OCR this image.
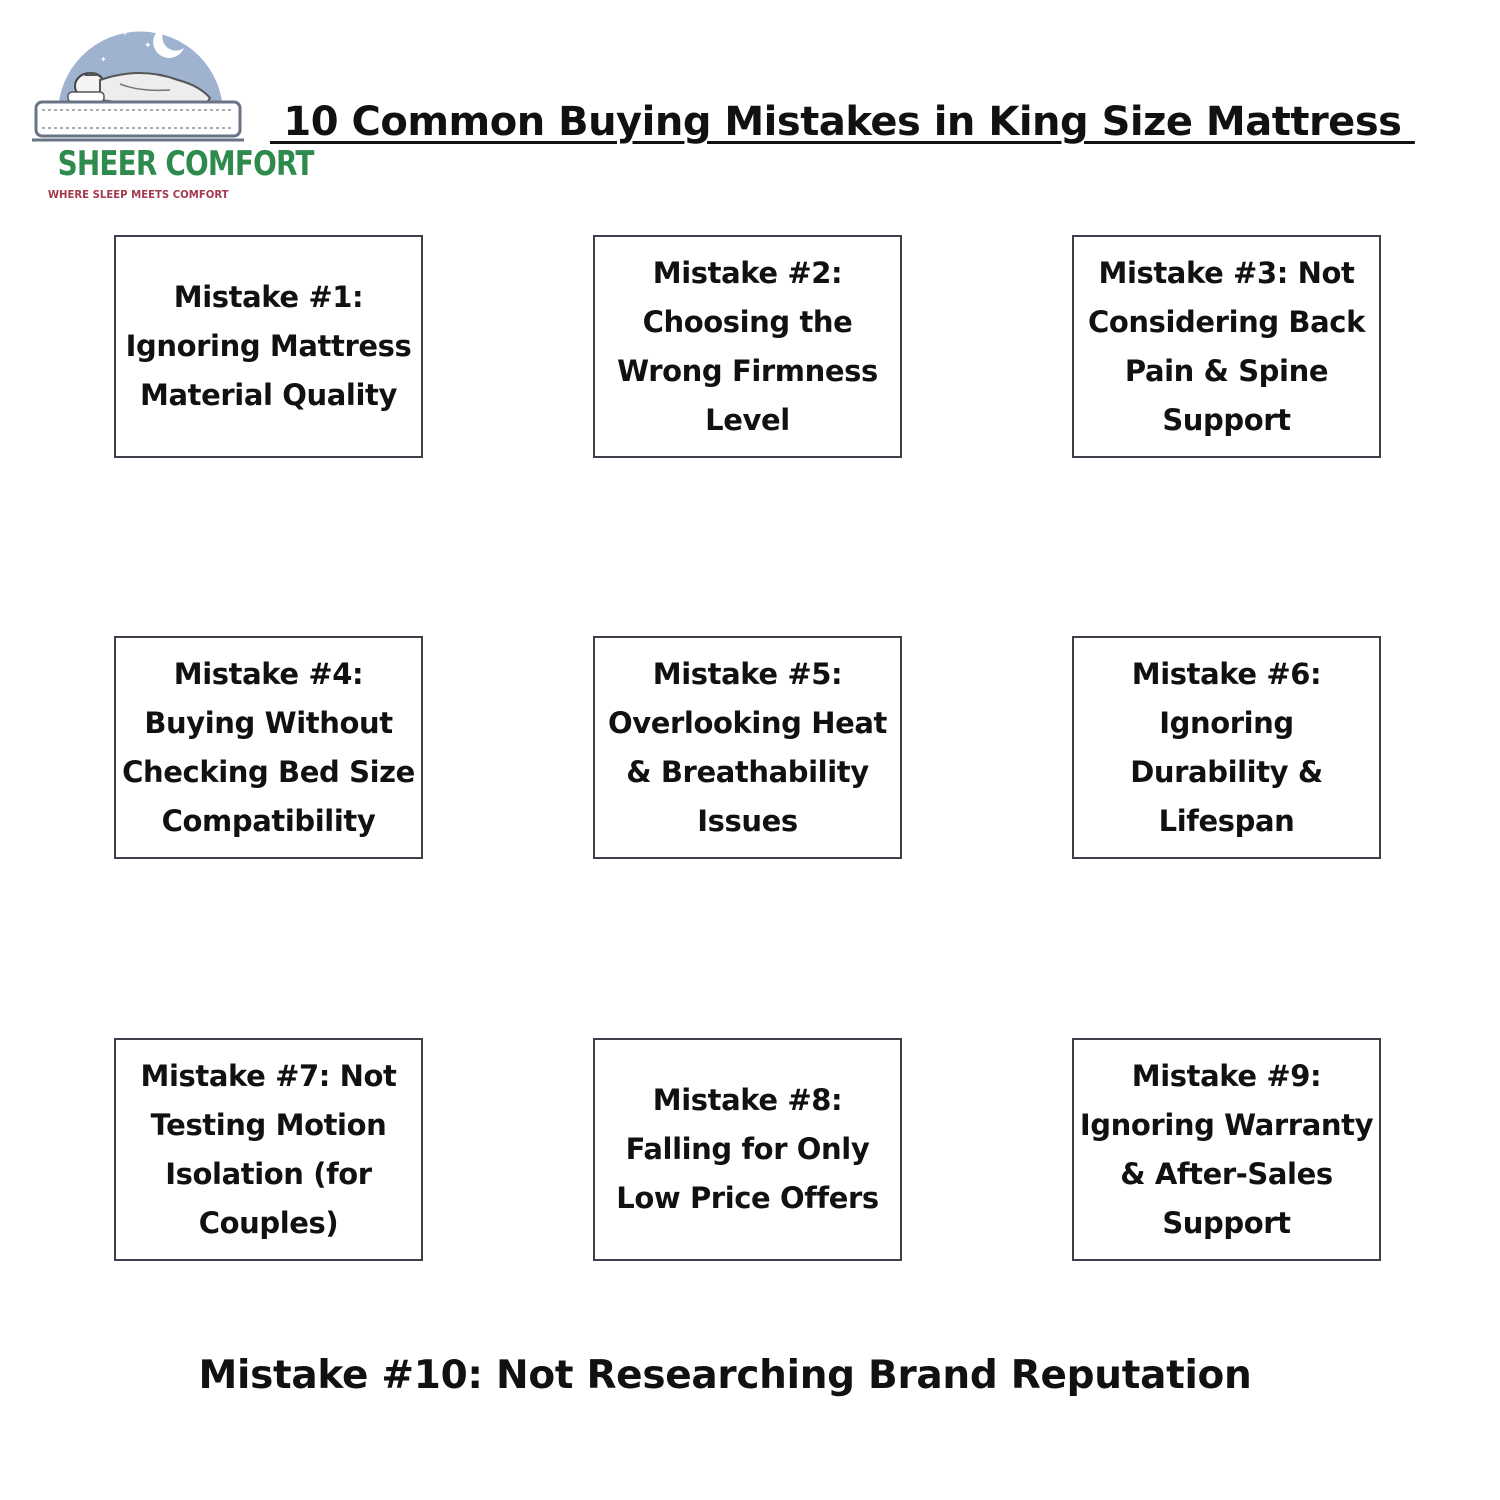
✦
✦
✦
✦
✦
SHEER COMFORT
WHERE SLEEP MEETS COMFORT
10 Common Buying Mistakes in King Size Mattress
Mistake #1:
Ignoring Mattress
Material Quality
Mistake #2:
Choosing the
Wrong Firmness
Level
Mistake #3: Not
Considering Back
Pain & Spine
Support
Mistake #4:
Buying Without
Checking Bed Size
Compatibility
Mistake #5:
Overlooking Heat
& Breathability
Issues
Mistake #6:
Ignoring
Durability &
Lifespan
Mistake #7: Not
Testing Motion
Isolation (for
Couples)
Mistake #8:
Falling for Only
Low Price Offers
Mistake #9:
Ignoring Warranty
& After-Sales
Support
Mistake #10: Not Researching Brand Reputation
